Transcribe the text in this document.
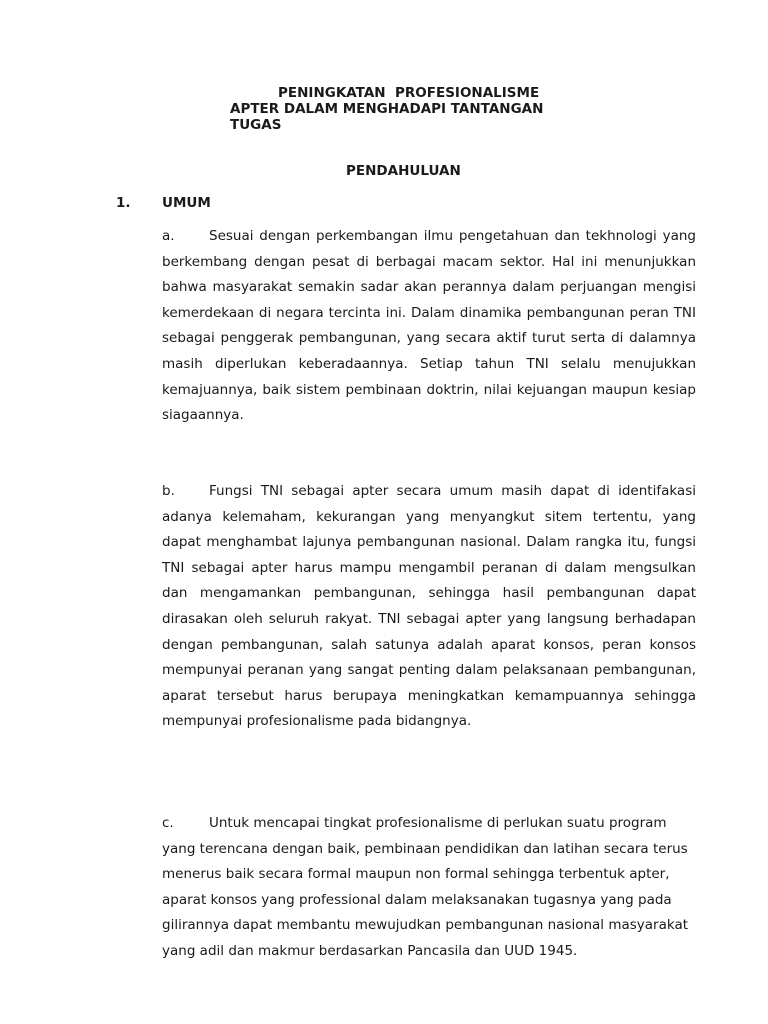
PENINGKATAN  PROFESIONALISME
APTER DALAM MENGHADAPI TANTANGAN
TUGAS
PENDAHULUAN
1. UMUM

a.	Sesuai dengan perkembangan ilmu pengetahuan dan tekhnologi yang berkembang dengan pesat di berbagai macam sektor. Hal ini menunjukkan bahwa masyarakat semakin sadar akan perannya dalam perjuangan mengisi kemerdekaan di negara tercinta ini. Dalam dinamika pembangunan peran TNI sebagai penggerak pembangunan, yang secara aktif turut serta di dalamnya masih diperlukan keberadaannya. Setiap tahun TNI selalu menujukkan kemajuannya, baik sistem pembinaan doktrin, nilai kejuangan maupun kesiap siagaannya.

b.	Fungsi TNI sebagai apter secara umum masih dapat di identifakasi adanya kelemaham, kekurangan yang menyangkut sitem tertentu, yang dapat menghambat lajunya pembangunan nasional. Dalam rangka itu, fungsi TNI sebagai apter harus mampu mengambil peranan di dalam mengsulkan dan mengamankan pembangunan, sehingga hasil pembangunan dapat dirasakan oleh seluruh rakyat. TNI sebagai apter yang langsung berhadapan dengan pembangunan, salah satunya adalah aparat konsos, peran konsos mempunyai peranan yang sangat penting dalam pelaksanaan pembangunan, aparat tersebut harus berupaya meningkatkan kemampuannya sehingga mempunyai profesionalisme pada bidangnya.

c.	Untuk mencapai tingkat profesionalisme di perlukan suatu program yang terencana dengan baik, pembinaan pendidikan dan latihan secara terus menerus baik secara formal maupun non formal sehingga terbentuk apter, aparat konsos yang professional dalam melaksanakan tugasnya yang pada gilirannya dapat membantu mewujudkan pembangunan nasional masyarakat yang adil dan makmur berdasarkan Pancasila dan UUD 1945.
